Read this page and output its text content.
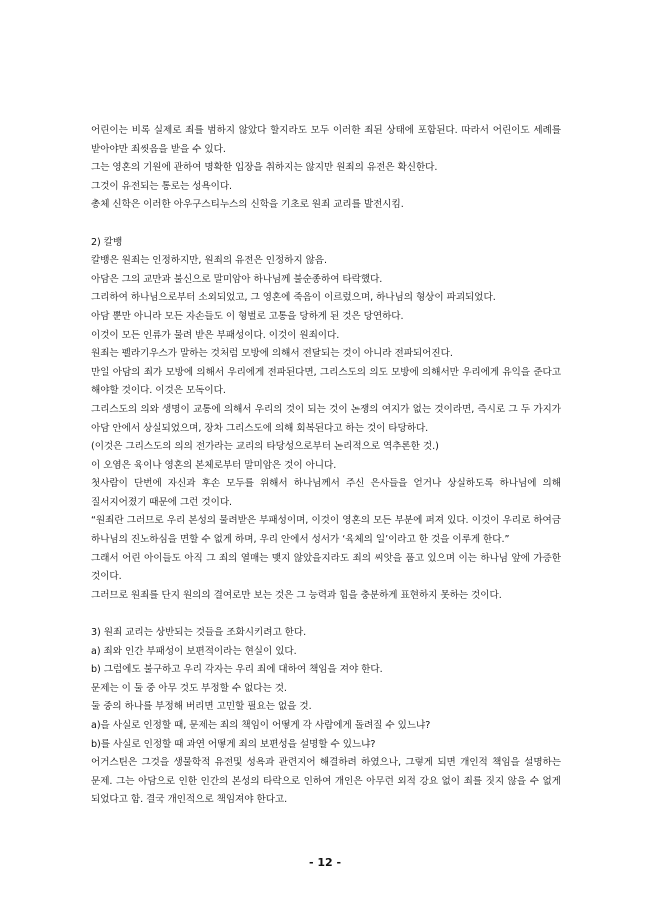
어린이는 비록 실제로 죄를 범하지 않았다 할지라도 모두 이러한 죄된 상태에 포함된다. 따라서 어린이도 세례를 받아야만 죄씻음을 받을 수 있다.

그는 영혼의 기원에 관하여 명확한 입장을 취하지는 않지만 원죄의 유전은 확신한다.

그것이 유전되는 통로는 성욕이다.

총체 신학은 이러한 아우구스티누스의 신학을 기초로 원죄 교리를 발전시킴.

2) 칼뱅

칼뱅은 원죄는 인정하지만, 원죄의 유전은 인정하지 않음.

아담은 그의 교만과 불신으로 말미암아 하나님께 불순종하여 타락했다.

그리하여 하나님으로부터 소외되었고, 그 영혼에 죽음이 이르렀으며, 하나님의 형상이 파괴되었다.

아담 뿐만 아니라 모든 자손들도 이 형벌로 고통을 당하게 된 것은 당연하다.

이것이 모든 인류가 물려 받은 부패성이다. 이것이 원죄이다.

원죄는 펠라기우스가 말하는 것처럼 모방에 의해서 전달되는 것이 아니라 전파되어진다.

만일 아담의 죄가 모방에 의해서 우리에게 전파된다면, 그리스도의 의도 모방에 의해서만 우리에게 유익을 준다고 해야할 것이다. 이것은 모독이다.

그리스도의 의와 생명이 교통에 의해서 우리의 것이 되는 것이 논쟁의 여지가 없는 것이라면, 즉시로 그 두 가지가 아담 안에서 상실되었으며, 장차 그리스도에 의해 회복된다고 하는 것이 타당하다.

(이것은 그리스도의 의의 전가라는 교리의 타당성으로부터 논리적으로 역추론한 것.)

이 오염은 육이나 영혼의 본체로부터 말미암은 것이 아니다.

첫사람이 단번에 자신과 후손 모두를 위해서 하나님께서 주신 은사들을 얻거나 상실하도록 하나님에 의해 질서지어졌기 때문에 그런 것이다.

“원죄란 그러므로 우리 본성의 물려받은 부패성이며, 이것이 영혼의 모든 부분에 퍼져 있다. 이것이 우리로 하여금 하나님의 진노하심을 면할 수 없게 하며, 우리 안에서 성서가 ‘육체의 일’이라고 한 것을 이루게 한다.”

그래서 어린 아이들도 아직 그 죄의 열매는 맺지 않았을지라도 죄의 씨앗을 품고 있으며 이는 하나님 앞에 가증한 것이다.

그러므로 원죄를 단지 원의의 결여로만 보는 것은 그 능력과 힘을 충분하게 표현하지 못하는 것이다.

3) 원죄 교리는 상반되는 것들을 조화시키려고 한다.

a) 죄와 인간 부패성이 보편적이라는 현실이 있다.

b) 그럼에도 불구하고 우리 각자는 우리 죄에 대하여 책임을 져야 한다.

문제는 이 둘 중 아무 것도 부정할 수 없다는 것.

둘 중의 하나를 부정해 버리면 고민할 필요는 없을 것.

a)을 사실로 인정할 때, 문제는 죄의 책임이 어떻게 각 사람에게 돌려질 수 있느냐?

b)를 사실로 인정할 때 과연 어떻게 죄의 보편성을 설명할 수 있느냐?

어거스틴은 그것을 생물학적 유전및 성욕과 관련지어 해결하려 하였으나, 그렇게 되면 개인적 책임을 설명하는 문제. 그는 아담으로 인한 인간의 본성의 타락으로 인하여 개인은 아무런 외적 강요 없이 죄를 짓지 않을 수 없게 되었다고 함. 결국 개인적으로 책임져야 한다고.

- 12 -
